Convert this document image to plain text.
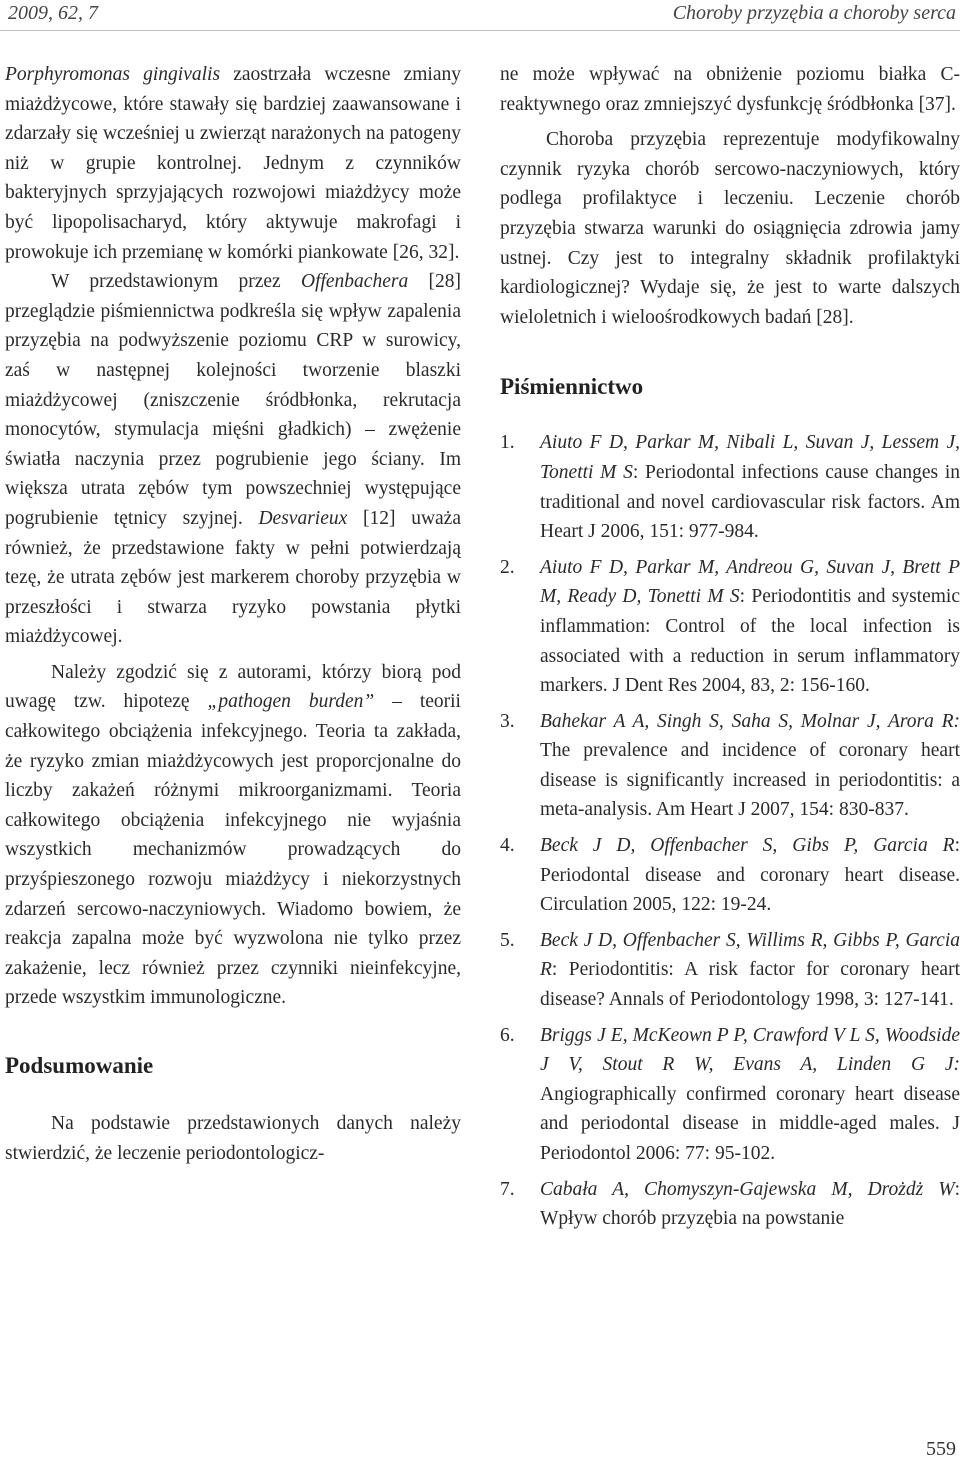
2009, 62, 7	Choroby przyzębia a choroby serca

Porphyromonas gingivalis zaostrzała wczesne zmiany miażdżycowe, które stawały się bardziej zaawansowane i zdarzały się wcześniej u zwierząt narażonych na patogeny niż w grupie kontrolnej. Jednym z czynników bakteryjnych sprzyjających rozwojowi miażdżycy może być lipopolisacharyd, który aktywuje makrofagi i prowokuje ich przemianę w komórki piankowate [26, 32].

W przedstawionym przez Offenbachera [28] przeglądzie piśmiennictwa podkreśla się wpływ zapalenia przyzębia na podwyższenie poziomu CRP w surowicy, zaś w następnej kolejności tworzenie blaszki miażdżycowej (zniszczenie śródbłonka, rekrutacja monocytów, stymulacja mięśni gładkich) – zwężenie światła naczynia przez pogrubienie jego ściany. Im większa utrata zębów tym powszechniej występujące pogrubienie tętnicy szyjnej. Desvarieux [12] uważa również, że przedstawione fakty w pełni potwierdzają tezę, że utrata zębów jest markerem choroby przyzębia w przeszłości i stwarza ryzyko powstania płytki miażdżycowej.

Należy zgodzić się z autorami, którzy biorą pod uwagę tzw. hipotezę „pathogen burden” – teorii całkowitego obciążenia infekcyjnego. Teoria ta zakłada, że ryzyko zmian miażdżycowych jest proporcjonalne do liczby zakażeń różnymi mikroorganizmami. Teoria całkowitego obciążenia infekcyjnego nie wyjaśnia wszystkich mechanizmów prowadzących do przyśpieszonego rozwoju miażdżycy i niekorzystnych zdarzeń sercowo-naczyniowych. Wiadomo bowiem, że reakcja zapalna może być wyzwolona nie tylko przez zakażenie, lecz również przez czynniki nieinfekcyjne, przede wszystkim immunologiczne.

Podsumowanie

Na podstawie przedstawionych danych należy stwierdzić, że leczenie periodontologicz-

ne może wpływać na obniżenie poziomu białka C-reaktywnego oraz zmniejszyć dysfunkcję śródbłonka [37].

Choroba przyzębia reprezentuje modyfikowalny czynnik ryzyka chorób sercowo-naczyniowych, który podlega profilaktyce i leczeniu. Leczenie chorób przyzębia stwarza warunki do osiągnięcia zdrowia jamy ustnej. Czy jest to integralny składnik profilaktyki kardiologicznej? Wydaje się, że jest to warte dalszych wieloletnich i wieloośrodkowych badań [28].

Piśmiennictwo
1. Aiuto F D, Parkar M, Nibali L, Suvan J, Lessem J, Tonetti M S: Periodontal infections cause changes in traditional and novel cardiovascular risk factors. Am Heart J 2006, 151: 977-984.
2. Aiuto F D, Parkar M, Andreou G, Suvan J, Brett P M, Ready D, Tonetti M S: Periodontitis and systemic inflammation: Control of the local infection is associated with a reduction in serum inflammatory markers. J Dent Res 2004, 83, 2: 156-160.
3. Bahekar A A, Singh S, Saha S, Molnar J, Arora R: The prevalence and incidence of coronary heart disease is significantly increased in periodontitis: a meta-analysis. Am Heart J 2007, 154: 830-837.
4. Beck J D, Offenbacher S, Gibs P, Garcia R: Periodontal disease and coronary heart disease. Circulation 2005, 122: 19-24.
5. Beck J D, Offenbacher S, Willims R, Gibbs P, Garcia R: Periodontitis: A risk factor for coronary heart disease? Annals of Periodontology 1998, 3: 127-141.
6. Briggs J E, McKeown P P, Crawford V L S, Woodside J V, Stout R W, Evans A, Linden G J: Angiographically confirmed coronary heart disease and periodontal disease in middle-aged males. J Periodontol 2006: 77: 95-102.
7. Cabała A, Chomyszyn-Gajewska M, Drożdż W: Wpływ chorób przyzębia na powstanie
559
